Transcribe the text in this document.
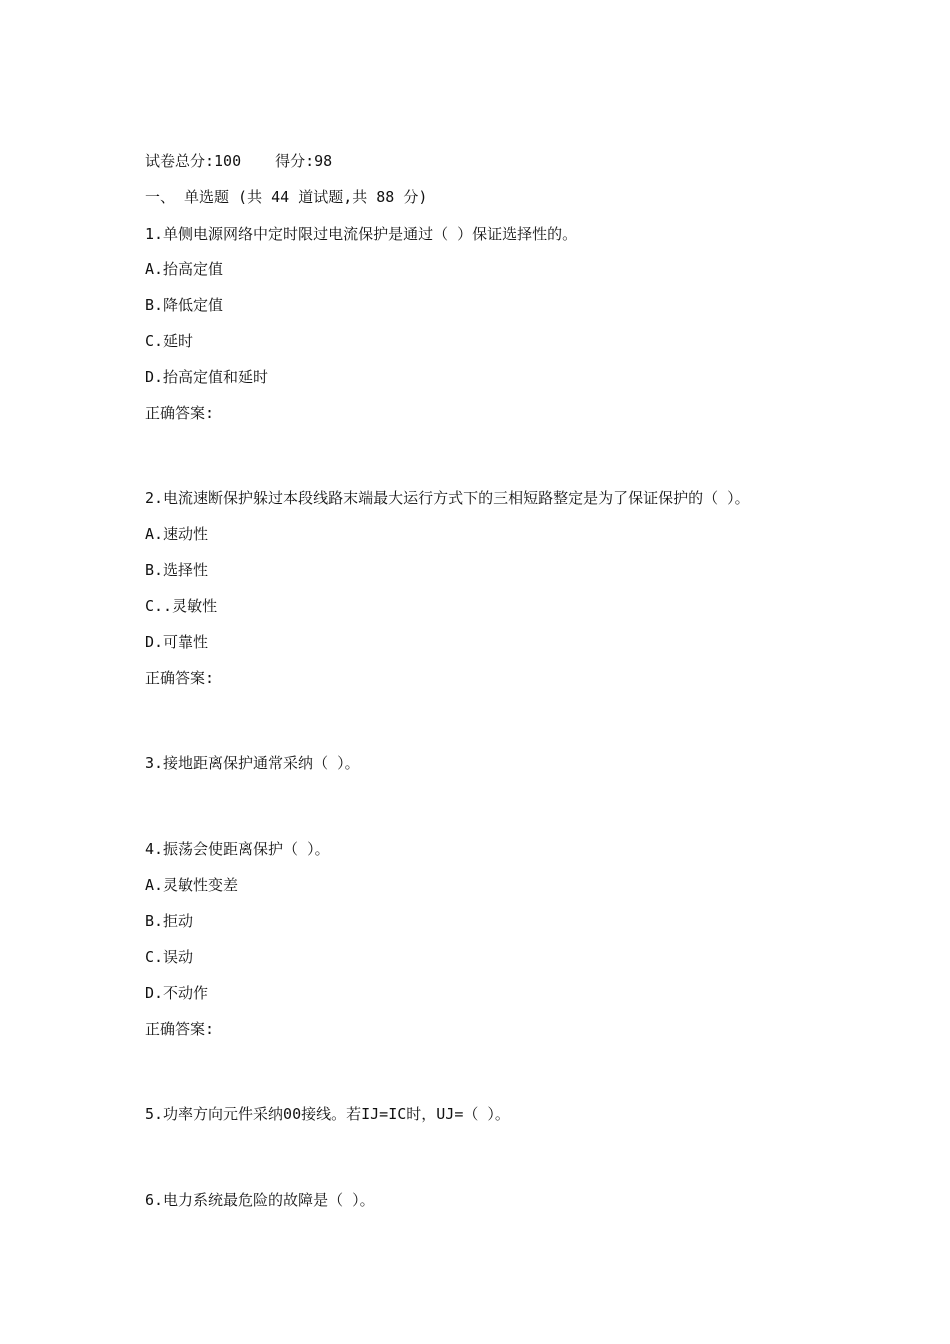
试卷总分:100 得分:98
一、 单选题 (共 44 道试题,共 88 分)
1.单侧电源网络中定时限过电流保护是通过（ ）保证选择性的。
A.抬高定值
B.降低定值
C.延时
D.抬高定值和延时
正确答案:
2.电流速断保护躲过本段线路末端最大运行方式下的三相短路整定是为了保证保护的（ ）。
A.速动性
B.选择性
C..灵敏性
D.可靠性
正确答案:
3.接地距离保护通常采纳（ ）。
4.振荡会使距离保护（ ）。
A.灵敏性变差
B.拒动
C.误动
D.不动作
正确答案:
5.功率方向元件采纳00接线。若IJ=IC时，UJ=（ ）。
6.电力系统最危险的故障是（ ）。
